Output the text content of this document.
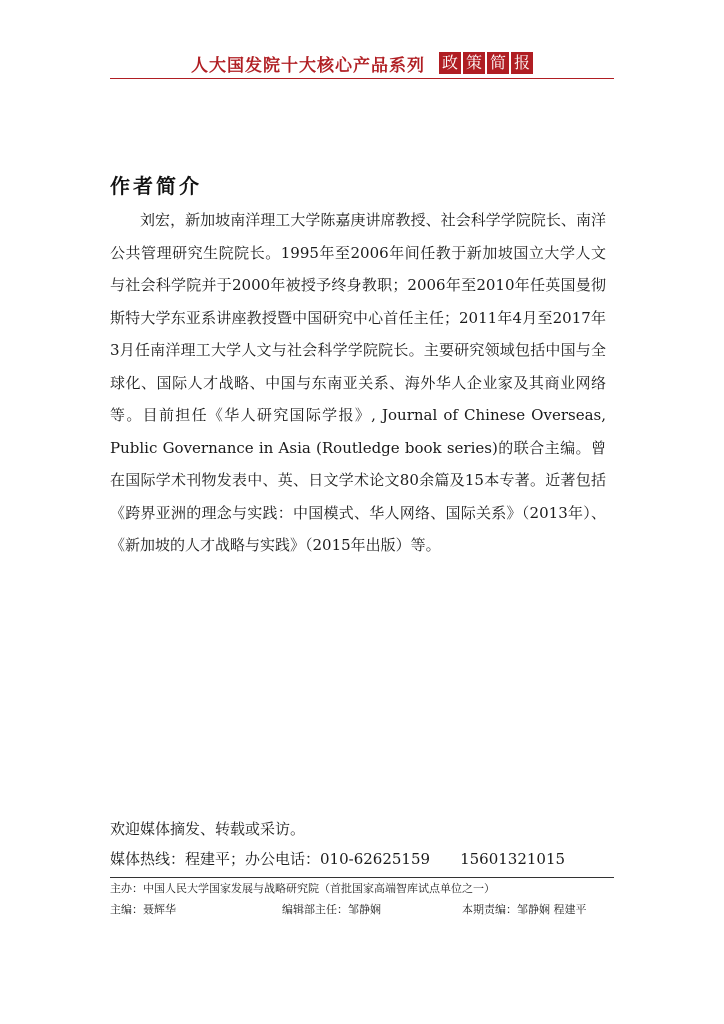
人大国发院十大核心产品系列 政 策 简 报
作者简介

刘宏，新加坡南洋理工大学陈嘉庚讲席教授、社会科学学院院长、南洋公共管理研究生院院长。1995年至2006年间任教于新加坡国立大学人文与社会科学院并于2000年被授予终身教职；2006年至2010年任英国曼彻斯特大学东亚系讲座教授暨中国研究中心首任主任；2011年4月至2017年3月任南洋理工大学人文与社会科学学院院长。主要研究领域包括中国与全球化、国际人才战略、中国与东南亚关系、海外华人企业家及其商业网络等。目前担任《华人研究国际学报》, Journal of Chinese Overseas, Public Governance in Asia (Routledge book series)的联合主编。曾在国际学术刊物发表中、英、日文学术论文80余篇及15本专著。近著包括《跨界亚洲的理念与实践：中国模式、华人网络、国际关系》（2013年）、《新加坡的人才战略与实践》（2015年出版）等。

欢迎媒体摘发、转载或采访。
媒体热线：程建平；办公电话：010-62625159 15601321015
主办：中国人民大学国家发展与战略研究院（首批国家高端智库试点单位之一）
主编：聂辉华	编辑部主任：邹静娴	本期责编：邹静娴 程建平
